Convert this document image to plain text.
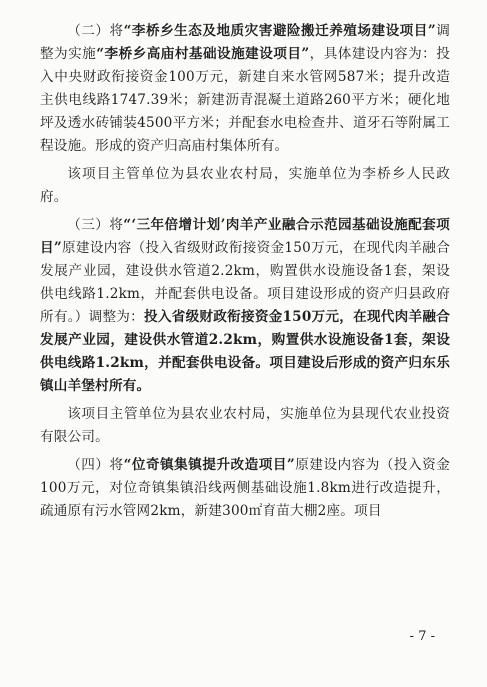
（二）将“李桥乡生态及地质灾害避险搬迁养殖场建设项目”调整为实施“李桥乡高庙村基础设施建设项目”，具体建设内容为：投入中央财政衔接资金100万元，新建自来水管网587米；提升改造主供电线路1747.39米；新建沥青混凝土道路260平方米；硬化地坪及透水砖铺装4500平方米；并配套水电检查井、道牙石等附属工程设施。形成的资产归高庙村集体所有。

该项目主管单位为县农业农村局，实施单位为李桥乡人民政府。

（三）将“‘三年倍增计划’肉羊产业融合示范园基础设施配套项目”原建设内容（投入省级财政衔接资金150万元，在现代肉羊融合发展产业园，建设供水管道2.2km，购置供水设施设备1套，架设供电线路1.2km，并配套供电设备。项目建设形成的资产归县政府所有。）调整为：投入省级财政衔接资金150万元，在现代肉羊融合发展产业园，建设供水管道2.2km，购置供水设施设备1套，架设供电线路1.2km，并配套供电设备。项目建设后形成的资产归东乐镇山羊堡村所有。

该项目主管单位为县农业农村局，实施单位为县现代农业投资有限公司。

（四）将“位奇镇集镇提升改造项目”原建设内容为（投入资金100万元，对位奇镇集镇沿线两侧基础设施1.8km进行改造提升，疏通原有污水管网2km，新建300㎡育苗大棚2座。项目

- 7 -
